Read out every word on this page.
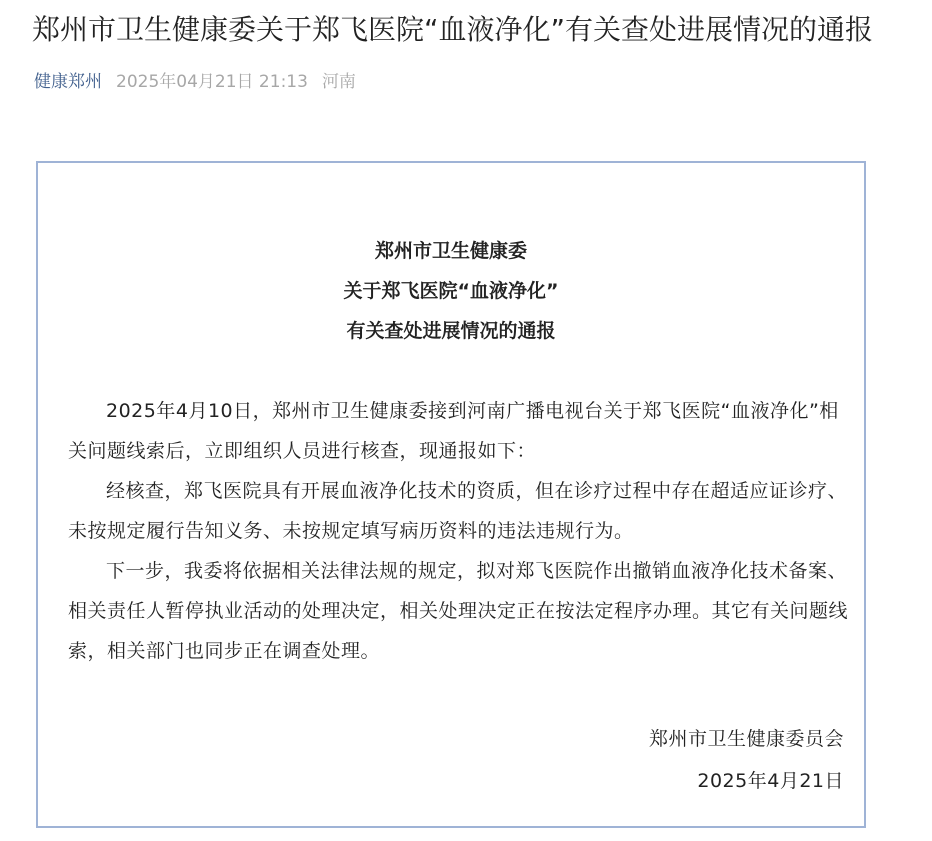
郑州市卫生健康委关于郑飞医院“血液净化”有关查处进展情况的通报
健康郑州 2025年04月21日 21:13 河南
郑州市卫生健康委
关于郑飞医院“血液净化”
有关查处进展情况的通报

2025年4月10日，郑州市卫生健康委接到河南广播电视台关于郑飞医院“血液净化”相关问题线索后，立即组织人员进行核查，现通报如下：

经核查，郑飞医院具有开展血液净化技术的资质，但在诊疗过程中存在超适应证诊疗、未按规定履行告知义务、未按规定填写病历资料的违法违规行为。

下一步，我委将依据相关法律法规的规定，拟对郑飞医院作出撤销血液净化技术备案、相关责任人暂停执业活动的处理决定，相关处理决定正在按法定程序办理。其它有关问题线索，相关部门也同步正在调查处理。

郑州市卫生健康委员会
2025年4月21日
